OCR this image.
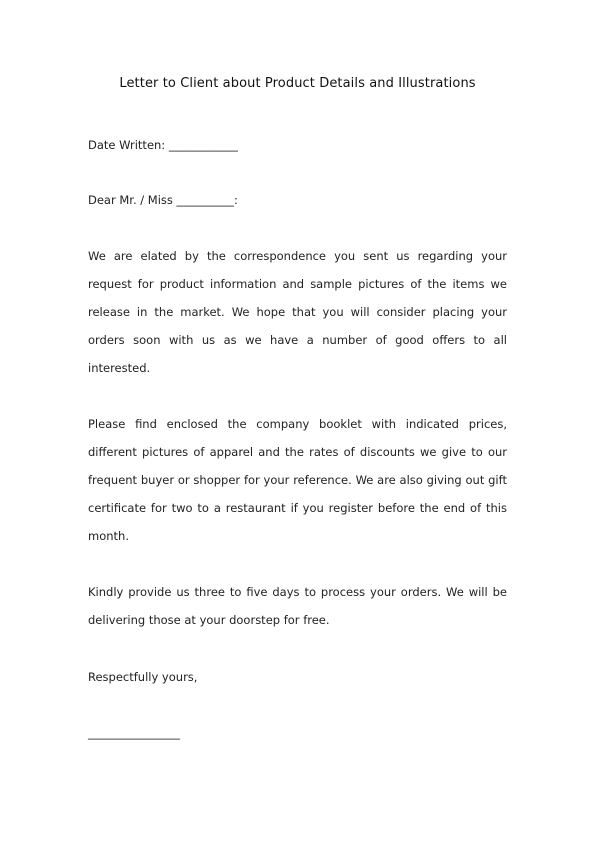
Letter to Client about Product Details and Illustrations
Date Written: ____________
Dear Mr. / Miss __________:
We are elated by the correspondence you sent us regarding your
request for product information and sample pictures of the items we
release in the market. We hope that you will consider placing your
orders soon with us as we have a number of good offers to all
interested.
Please find enclosed the company booklet with indicated prices,
different pictures of apparel and the rates of discounts we give to our
frequent buyer or shopper for your reference. We are also giving out gift
certificate for two to a restaurant if you register before the end of this
month.
Kindly provide us three to five days to process your orders. We will be
delivering those at your doorstep for free.
Respectfully yours,
________________
